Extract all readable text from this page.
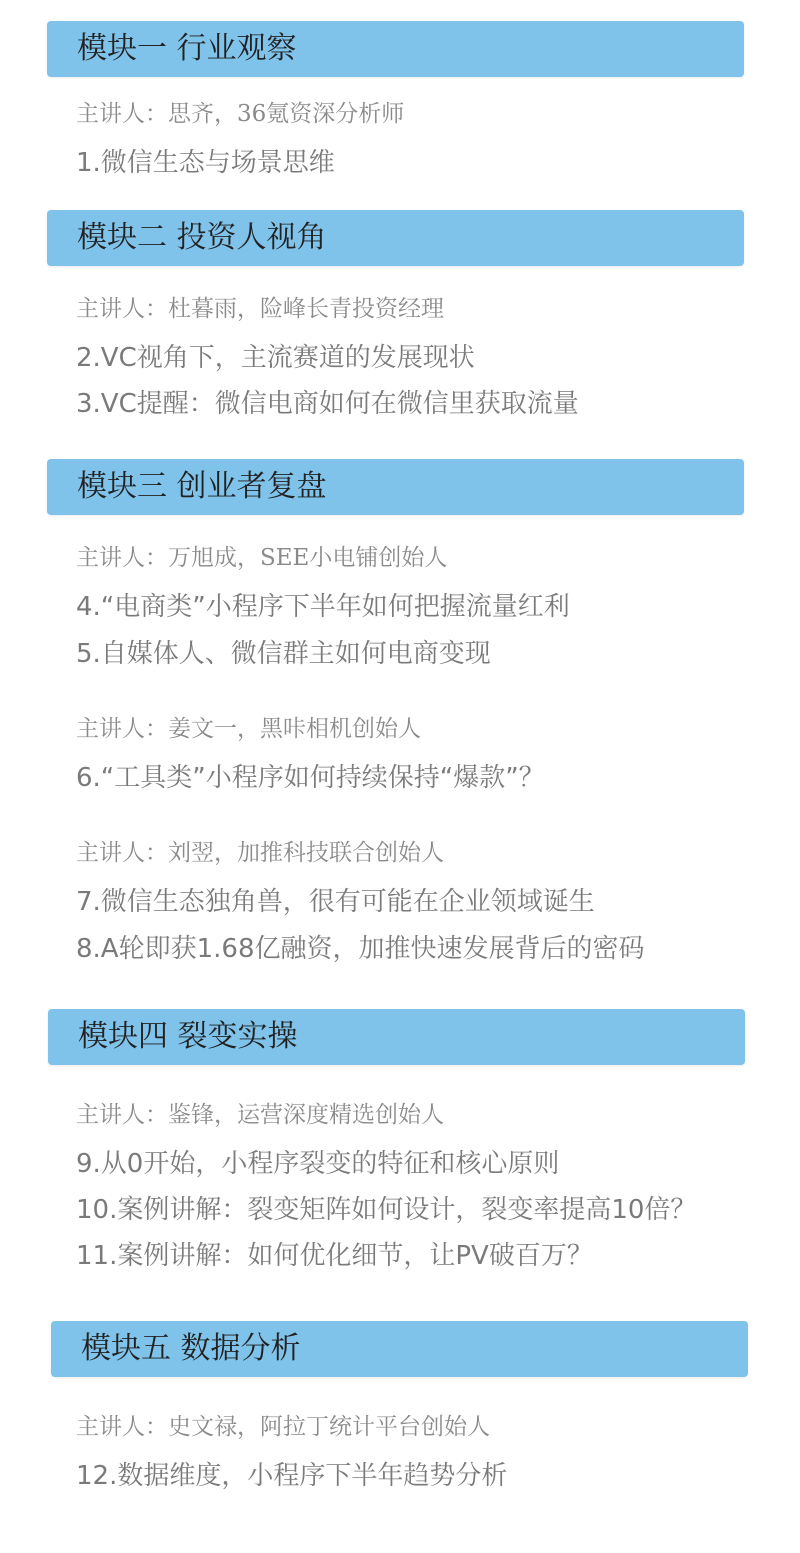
模块一 行业观察
主讲人：思齐，36氪资深分析师
1.微信生态与场景思维
模块二 投资人视角
主讲人：杜暮雨，险峰长青投资经理
2.VC视角下，主流赛道的发展现状
3.VC提醒：微信电商如何在微信里获取流量
模块三 创业者复盘
主讲人：万旭成，SEE小电铺创始人
4.“电商类”小程序下半年如何把握流量红利
5.自媒体人、微信群主如何电商变现
主讲人：姜文一，黑咔相机创始人
6.“工具类”小程序如何持续保持“爆款”？
主讲人：刘翌，加推科技联合创始人
7.微信生态独角兽，很有可能在企业领域诞生
8.A轮即获1.68亿融资，加推快速发展背后的密码
模块四 裂变实操
主讲人：鉴锋，运营深度精选创始人
9.从0开始，小程序裂变的特征和核心原则
10.案例讲解：裂变矩阵如何设计，裂变率提高10倍？
11.案例讲解：如何优化细节，让PV破百万？
模块五 数据分析
主讲人：史文禄，阿拉丁统计平台创始人
12.数据维度，小程序下半年趋势分析
